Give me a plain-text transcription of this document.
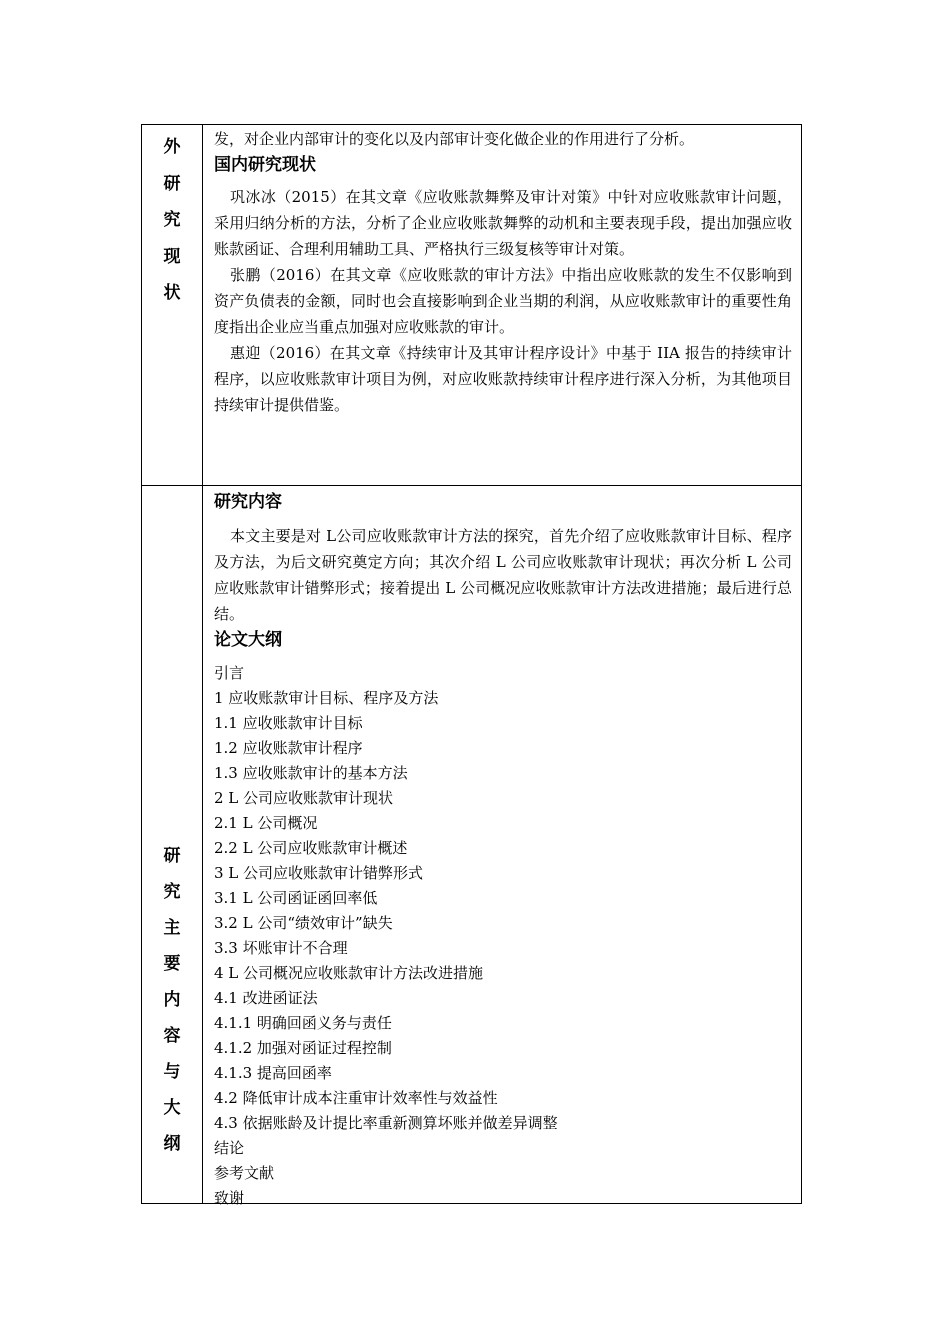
外
研
究
现
状

发，对企业内部审计的变化以及内部审计变化做企业的作用进行了分析。

国内研究现状

巩冰冰（2015）在其文章《应收账款舞弊及审计对策》中针对应收账款审计问题，采用归纳分析的方法，分析了企业应收账款舞弊的动机和主要表现手段，提出加强应收账款函证、合理利用辅助工具、严格执行三级复核等审计对策。

张鹏（2016）在其文章《应收账款的审计方法》中指出应收账款的发生不仅影响到资产负债表的金额，同时也会直接影响到企业当期的利润，从应收账款审计的重要性角度指出企业应当重点加强对应收账款的审计。

惠迎（2016）在其文章《持续审计及其审计程序设计》中基于 IIA 报告的持续审计程序，以应收账款审计项目为例，对应收账款持续审计程序进行深入分析，为其他项目持续审计提供借鉴。

研
究
主
要
内
容
与
大
纲

研究内容

本文主要是对 L公司应收账款审计方法的探究，首先介绍了应收账款审计目标、程序及方法，为后文研究奠定方向；其次介绍 L 公司应收账款审计现状；再次分析 L 公司应收账款审计错弊形式；接着提出 L 公司概况应收账款审计方法改进措施；最后进行总结。

论文大纲

引言
1 应收账款审计目标、程序及方法
1.1 应收账款审计目标
1.2 应收账款审计程序
1.3 应收账款审计的基本方法
2 L 公司应收账款审计现状
2.1 L 公司概况
2.2 L 公司应收账款审计概述
3 L 公司应收账款审计错弊形式
3.1 L 公司函证函回率低
3.2 L 公司“绩效审计”缺失
3.3 坏账审计不合理
4 L 公司概况应收账款审计方法改进措施
4.1 改进函证法
4.1.1 明确回函义务与责任
4.1.2 加强对函证过程控制
4.1.3 提高回函率
4.2 降低审计成本注重审计效率性与效益性
4.3 依据账龄及计提比率重新测算坏账并做差异调整
结论
参考文献
致谢
